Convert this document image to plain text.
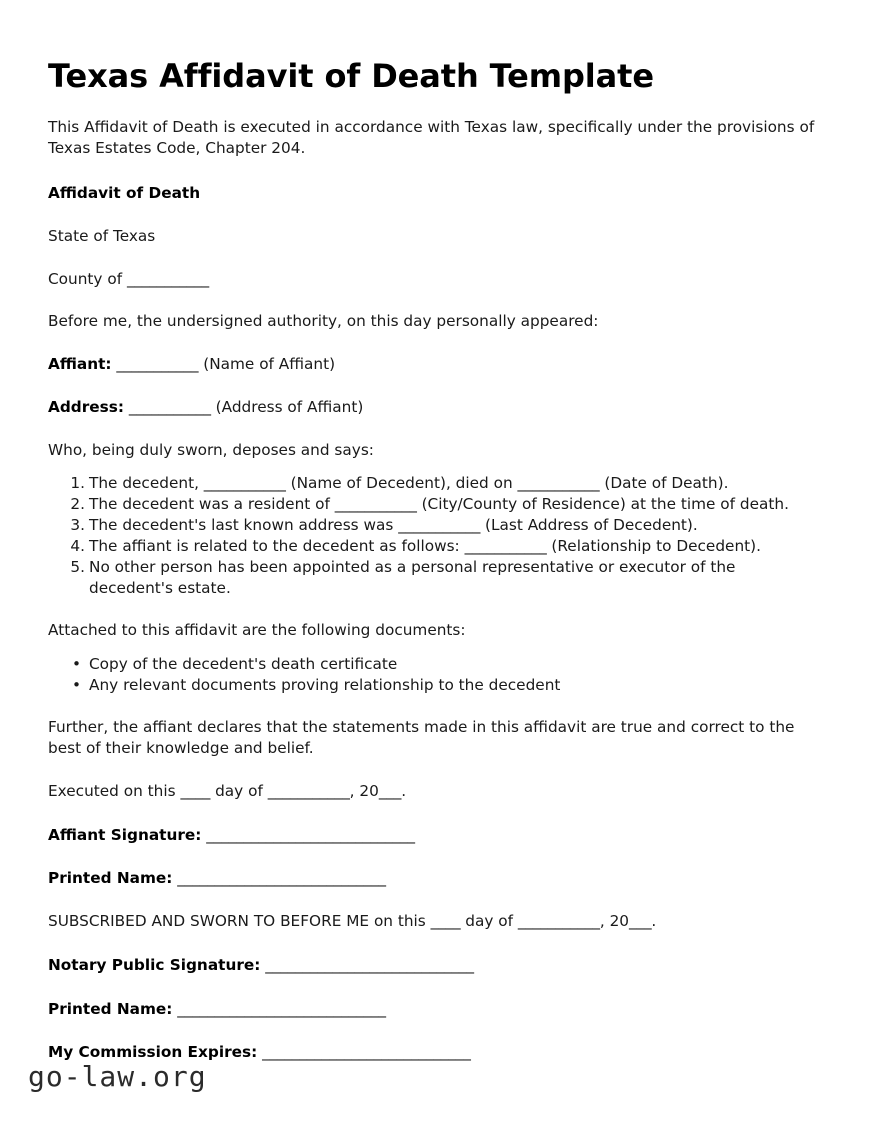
Texas Affidavit of Death Template

This Affidavit of Death is executed in accordance with Texas law, specifically under the provisions of Texas Estates Code, Chapter 204.

Affidavit of Death

State of Texas

County of ___________

Before me, the undersigned authority, on this day personally appeared:

Affiant: ___________ (Name of Affiant)

Address: ___________ (Address of Affiant)

Who, being duly sworn, deposes and says:

The decedent, ___________ (Name of Decedent), died on ___________ (Date of Death).
The decedent was a resident of ___________ (City/County of Residence) at the time of death.
The decedent's last known address was ___________ (Last Address of Decedent).
The affiant is related to the decedent as follows: ___________ (Relationship to Decedent).
No other person has been appointed as a personal representative or executor of the decedent's estate.

Attached to this affidavit are the following documents:

• Copy of the decedent's death certificate
• Any relevant documents proving relationship to the decedent

Further, the affiant declares that the statements made in this affidavit are true and correct to the best of their knowledge and belief.

Executed on this ____ day of ___________, 20___.

Affiant Signature: ____________________________

Printed Name: ____________________________

SUBSCRIBED AND SWORN TO BEFORE ME on this ____ day of ___________, 20___.

Notary Public Signature: ____________________________

Printed Name: ____________________________

My Commission Expires: ____________________________

go-law.org
